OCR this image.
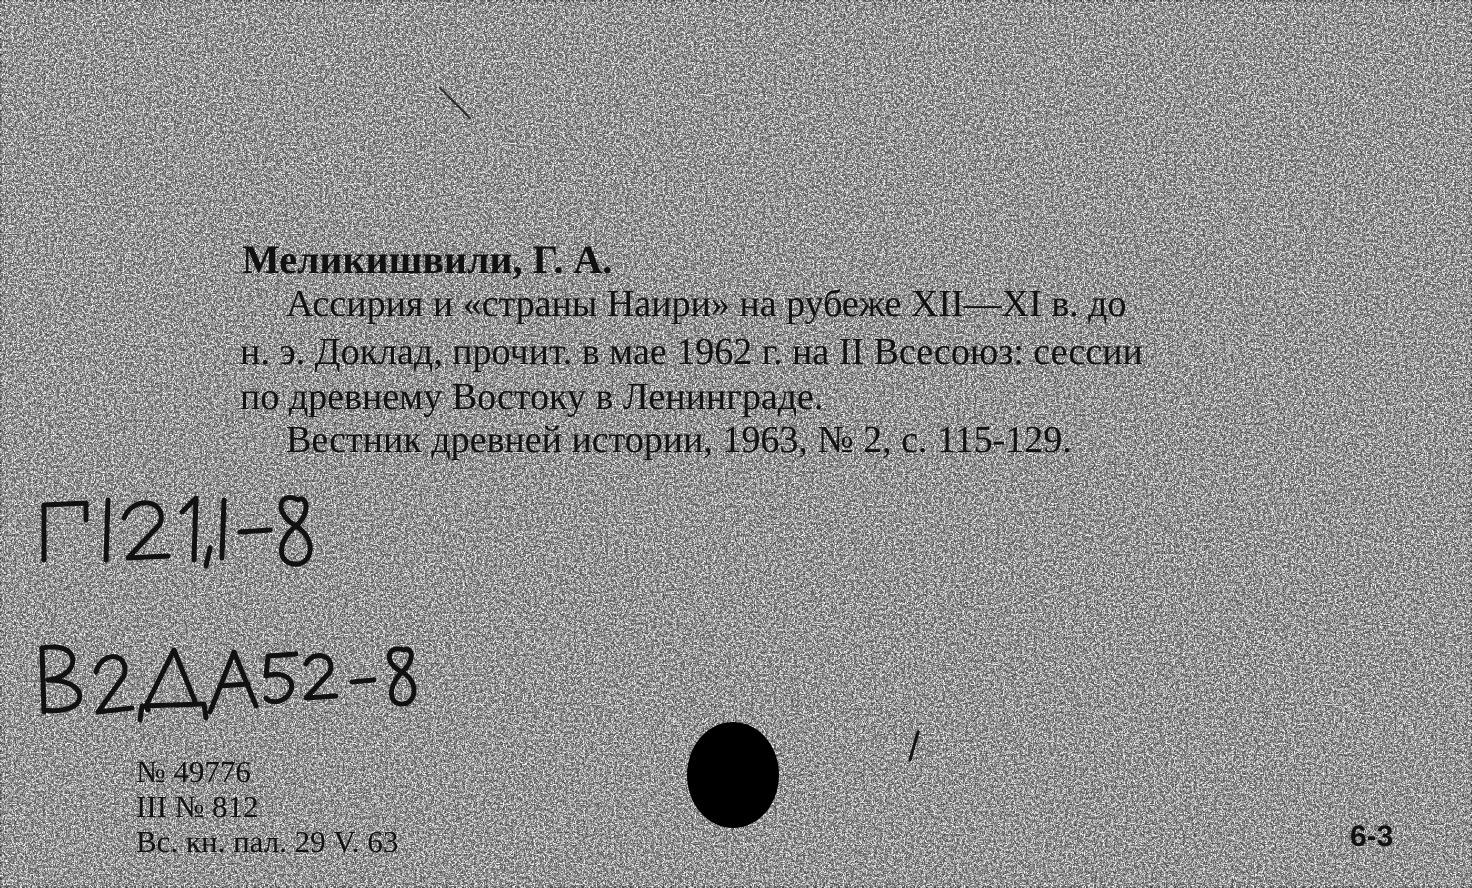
Меликишвили, Г. А.
Ассирия и «страны Наири» на рубеже XII—XI в. до
н. э. Доклад, прочит. в мае 1962 г. на II Всесоюз: сессии
по древнему Востоку в Ленинграде.
Вестник древней истории, 1963, № 2, с. 115-129.
№ 49776
III № 812
Вс. кн. пал. 29 V. 63	6-3
